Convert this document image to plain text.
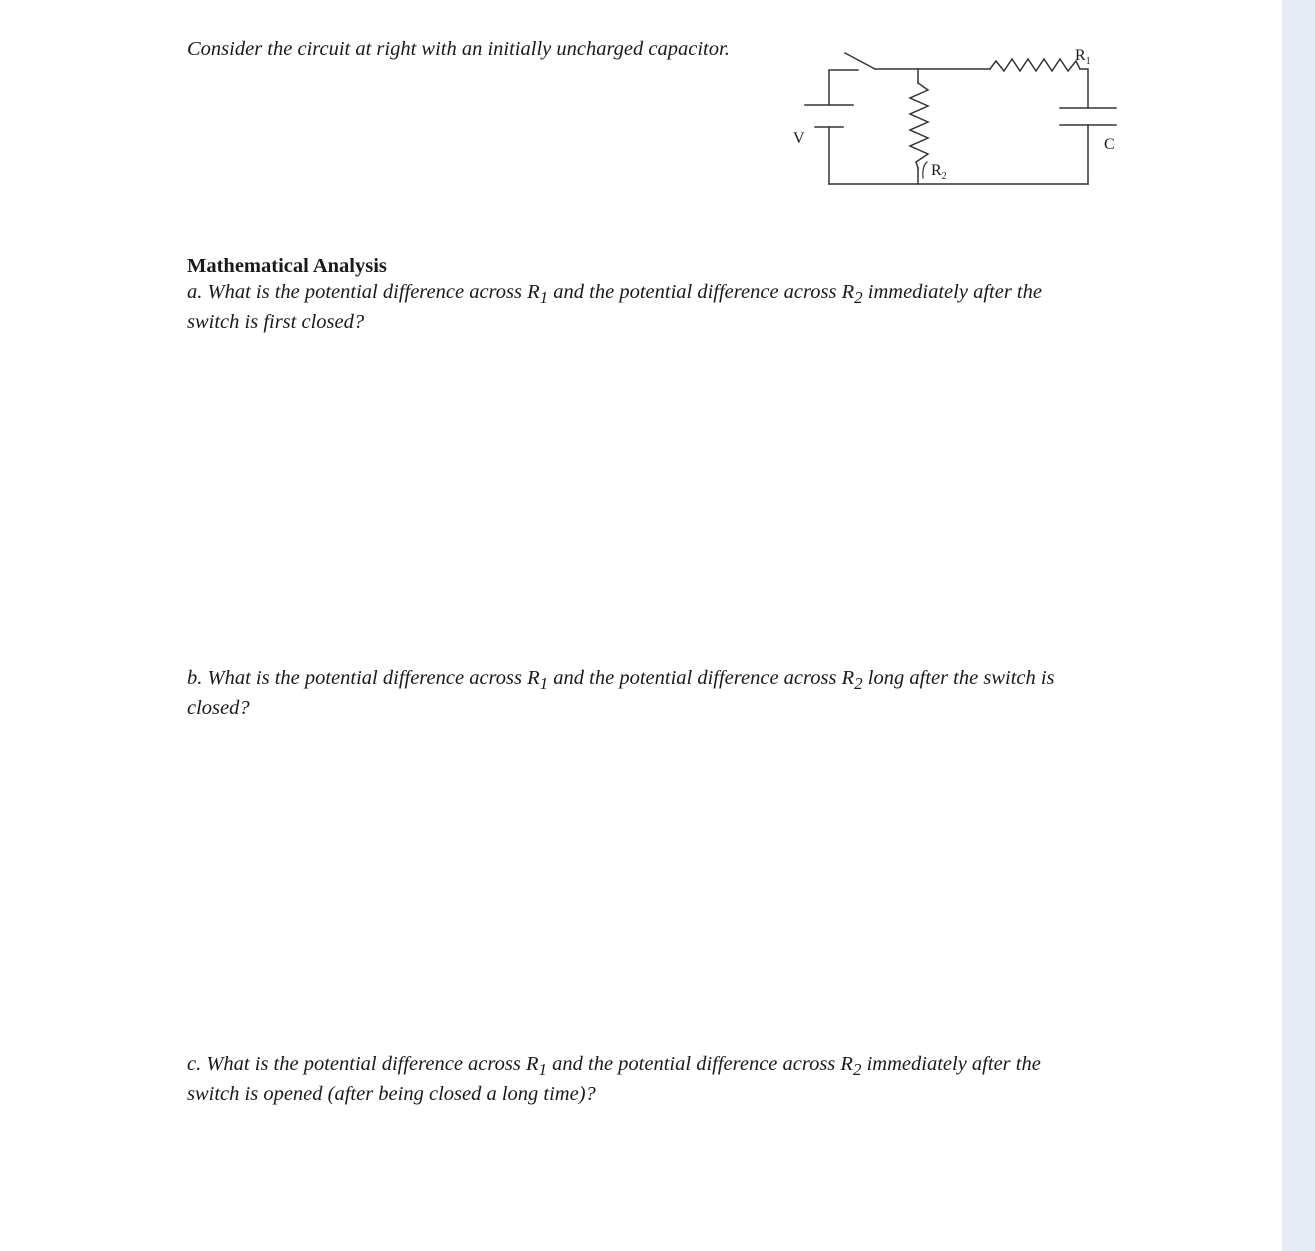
Consider the circuit at right with an initially uncharged capacitor.
V
$R_1$
$R_2$
C
Mathematical Analysis
a. What is the potential difference across $R_1$ and the potential difference across $R_2$ immediately after the switch is first closed?
b. What is the potential difference across $R_1$ and the potential difference across $R_2$ long after the switch is closed?
c. What is the potential difference across $R_1$ and the potential difference across $R_2$ immediately after the switch is opened (after being closed a long time)?
